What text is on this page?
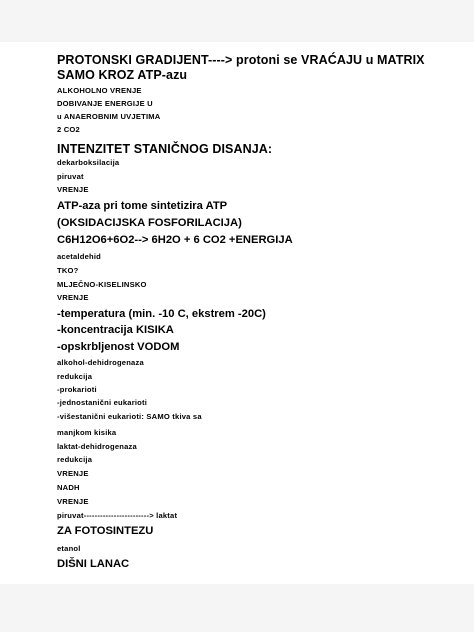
PROTONSKI GRADIJENT----> protoni se VRAĆAJU u MATRIX

SAMO KROZ ATP-azu

ALKOHOLNO VRENJE

DOBIVANJE ENERGIJE U

u ANAEROBNIM UVJETIMA

2 CO2

INTENZITET STANIČNOG DISANJA:

dekarboksilacija

piruvat

VRENJE

ATP-aza pri tome sintetizira ATP

(OKSIDACIJSKA FOSFORILACIJA)

C6H12O6+6O2--> 6H2O + 6 CO2 +ENERGIJA

acetaldehid

TKO?

MLJEČNO-KISELINSKO

VRENJE

-temperatura (min. -10 C, ekstrem -20C)

-koncentracija KISIKA

-opskrbljenost VODOM

alkohol-dehidrogenaza

redukcija

-prokarioti

-jednostanični eukarioti

-višestanični eukarioti: SAMO tkiva sa

manjkom kisika

laktat-dehidrogenaza

redukcija

VRENJE

NADH

VRENJE

piruvat------------------------> laktat

ZA FOTOSINTEZU

etanol

DIŠNI LANAC
